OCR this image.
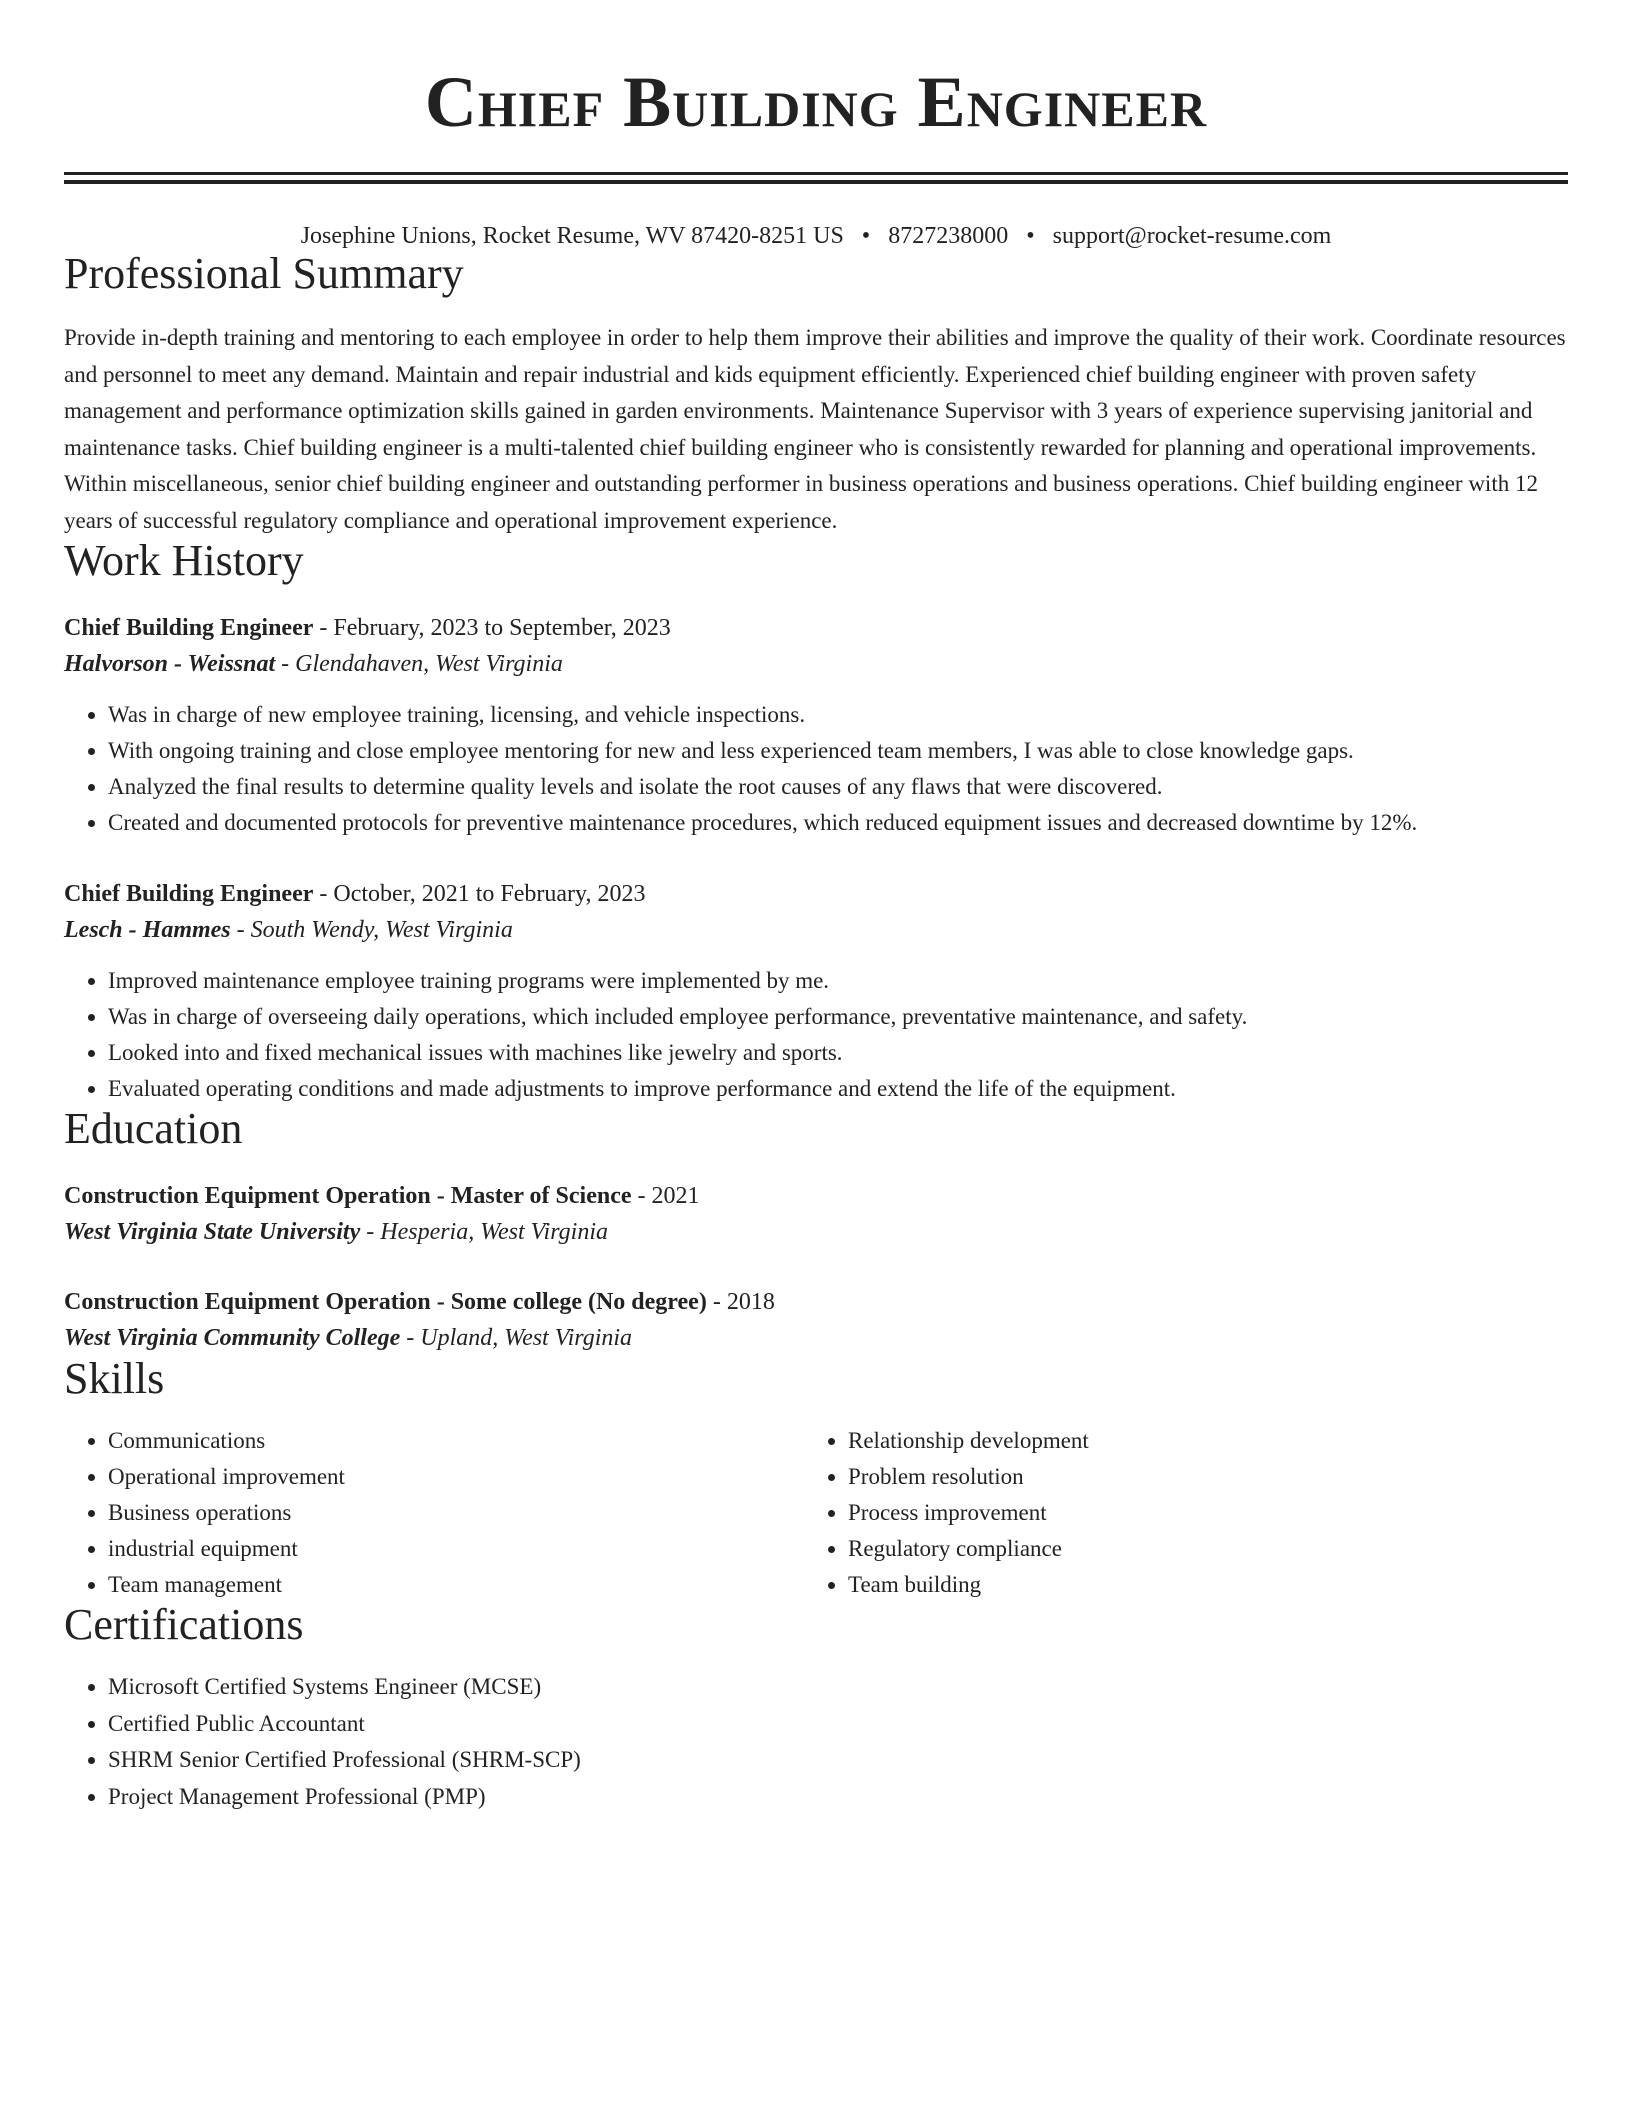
Chief Building Engineer
Josephine Unions, Rocket Resume, WV 87420-8251 US • 8727238000 • support@rocket-resume.com
Professional Summary

Provide in-depth training and mentoring to each employee in order to help them improve their abilities and improve the quality of their work. Coordinate resources and personnel to meet any demand. Maintain and repair industrial and kids equipment efficiently. Experienced chief building engineer with proven safety management and performance optimization skills gained in garden environments. Maintenance Supervisor with 3 years of experience supervising janitorial and maintenance tasks. Chief building engineer is a multi-talented chief building engineer who is consistently rewarded for planning and operational improvements. Within miscellaneous, senior chief building engineer and outstanding performer in business operations and business operations. Chief building engineer with 12 years of successful regulatory compliance and operational improvement experience.

Work History
Chief Building Engineer - February, 2023 to September, 2023
Halvorson - Weissnat - Glendahaven, West Virginia
• Was in charge of new employee training, licensing, and vehicle inspections.
• With ongoing training and close employee mentoring for new and less experienced team members, I was able to close knowledge gaps.
• Analyzed the final results to determine quality levels and isolate the root causes of any flaws that were discovered.
• Created and documented protocols for preventive maintenance procedures, which reduced equipment issues and decreased downtime by 12%.
Chief Building Engineer - October, 2021 to February, 2023
Lesch - Hammes - South Wendy, West Virginia
• Improved maintenance employee training programs were implemented by me.
• Was in charge of overseeing daily operations, which included employee performance, preventative maintenance, and safety.
• Looked into and fixed mechanical issues with machines like jewelry and sports.
• Evaluated operating conditions and made adjustments to improve performance and extend the life of the equipment.
Education
Construction Equipment Operation - Master of Science - 2021
West Virginia State University - Hesperia, West Virginia
Construction Equipment Operation - Some college (No degree) - 2018
West Virginia Community College - Upland, West Virginia
Skills
• Communications
• Operational improvement
• Business operations
• industrial equipment
• Team management
• Relationship development
• Problem resolution
• Process improvement
• Regulatory compliance
• Team building
Certifications
• Microsoft Certified Systems Engineer (MCSE)
• Certified Public Accountant
• SHRM Senior Certified Professional (SHRM-SCP)
• Project Management Professional (PMP)
